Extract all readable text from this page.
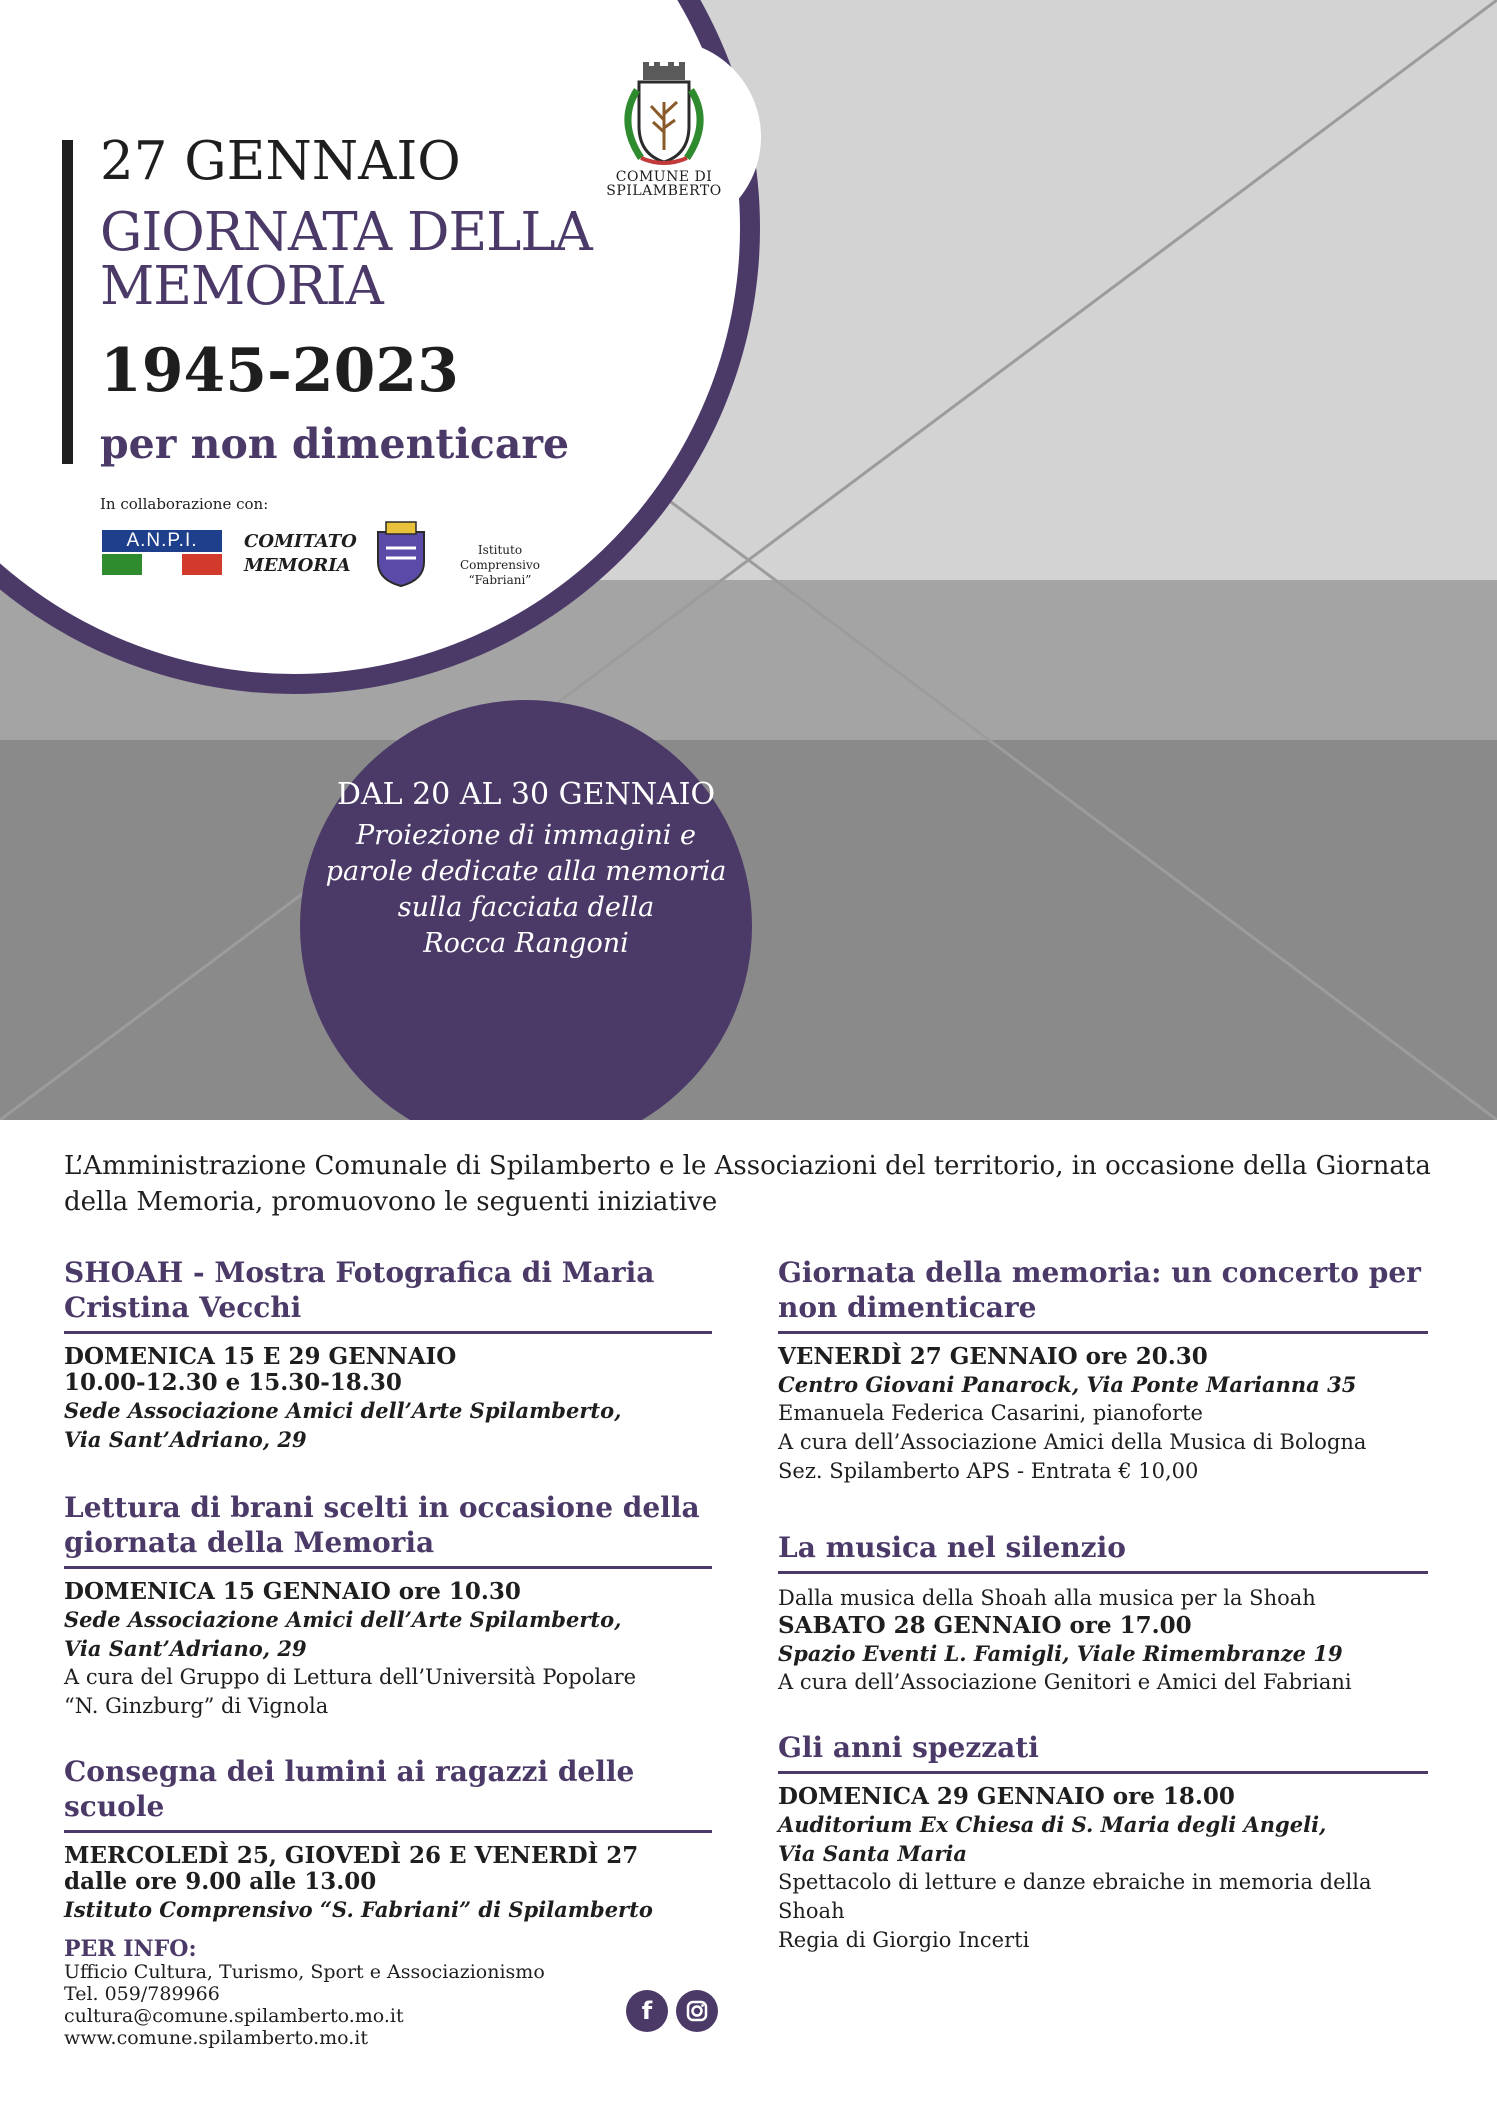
COMUNE DI
SPILAMBERTO
27 GENNAIO
GIORNATA DELLA MEMORIA
1945-2023
per non dimenticare
In collaborazione con:
A.N.P.I.	COMITATO
MEMORIA
Istituto Comprensivo “Fabriani”
DAL 20 AL 30 GENNAIO
Proiezione di immagini e
parole dedicate alla memoria
sulla facciata della
Rocca Rangoni
L’Amministrazione Comunale di Spilamberto e le Associazioni del territorio, in occasione della Giornata della Memoria, promuovono le seguenti iniziative
SHOAH - Mostra Fotografica di Maria Cristina Vecchi
DOMENICA 15 E 29 GENNAIO
10.00-12.30 e 15.30-18.30
Sede Associazione Amici dell’Arte Spilamberto,
Via Sant’Adriano, 29
Lettura di brani scelti in occasione della giornata della Memoria
DOMENICA 15 GENNAIO ore 10.30
Sede Associazione Amici dell’Arte Spilamberto,
Via Sant’Adriano, 29
A cura del Gruppo di Lettura dell’Università Popolare
“N. Ginzburg” di Vignola
Consegna dei lumini ai ragazzi delle scuole
MERCOLEDÌ 25, GIOVEDÌ 26 E VENERDÌ 27
dalle ore 9.00 alle 13.00
Istituto Comprensivo “S. Fabriani” di Spilamberto
Giornata della memoria: un concerto per non dimenticare
VENERDÌ 27 GENNAIO ore 20.30
Centro Giovani Panarock, Via Ponte Marianna 35
Emanuela Federica Casarini, pianoforte
A cura dell’Associazione Amici della Musica di Bologna
Sez. Spilamberto APS - Entrata € 10,00
La musica nel silenzio
Dalla musica della Shoah alla musica per la Shoah
SABATO 28 GENNAIO ore 17.00
Spazio Eventi L. Famigli, Viale Rimembranze 19
A cura dell’Associazione Genitori e Amici del Fabriani
Gli anni spezzati
DOMENICA 29 GENNAIO ore 18.00
Auditorium Ex Chiesa di S. Maria degli Angeli,
Via Santa Maria
Spettacolo di letture e danze ebraiche in memoria della Shoah
Regia di Giorgio Incerti
PER INFO:
Ufficio Cultura, Turismo, Sport e Associazionismo
Tel. 059/789966
cultura@comune.spilamberto.mo.it
www.comune.spilamberto.mo.it
f
